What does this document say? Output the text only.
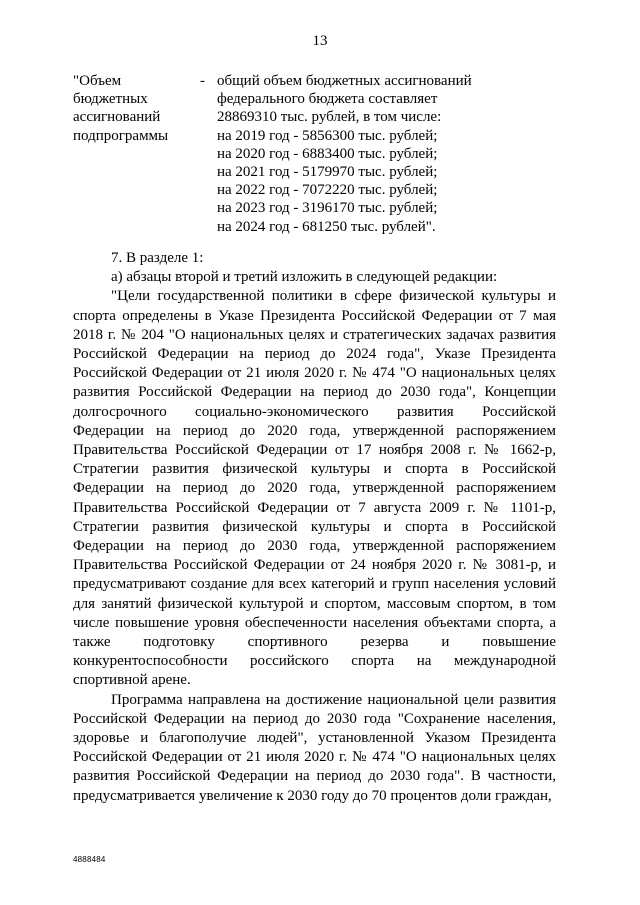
13
"Объем
бюджетных
ассигнований
подпрограммы
- общий объем бюджетных ассигнований
федерального бюджета составляет
28869310 тыс. рублей, в том числе:
на 2019 год - 5856300 тыс. рублей;
на 2020 год - 6883400 тыс. рублей;
на 2021 год - 5179970 тыс. рублей;
на 2022 год - 7072220 тыс. рублей;
на 2023 год - 3196170 тыс. рублей;
на 2024 год - 681250 тыс. рублей".

7. В разделе 1:

а) абзацы второй и третий изложить в следующей редакции:

"Цели государственной политики в сфере физической культуры и спорта определены в Указе Президента Российской Федерации от 7 мая 2018 г. № 204 "О национальных целях и стратегических задачах развития Российской Федерации на период до 2024 года", Указе Президента Российской Федерации от 21 июля 2020 г. № 474 "О национальных целях развития Российской Федерации на период до 2030 года", Концепции долгосрочного социально-экономического развития Российской Федерации на период до 2020 года, утвержденной распоряжением Правительства Российской Федерации от 17 ноября 2008 г. № 1662-р, Стратегии развития физической культуры и спорта в Российской Федерации на период до 2020 года, утвержденной распоряжением Правительства Российской Федерации от 7 августа 2009 г. № 1101-р, Стратегии развития физической культуры и спорта в Российской Федерации на период до 2030 года, утвержденной распоряжением Правительства Российской Федерации от 24 ноября 2020 г. № 3081-р, и предусматривают создание для всех категорий и групп населения условий для занятий физической культурой и спортом, массовым спортом, в том числе повышение уровня обеспеченности населения объектами спорта, а также подготовку спортивного резерва и повышение конкурентоспособности российского спорта на международной спортивной арене.

Программа направлена на достижение национальной цели развития Российской Федерации на период до 2030 года "Сохранение населения, здоровье и благополучие людей", установленной Указом Президента Российской Федерации от 21 июля 2020 г. № 474 "О национальных целях развития Российской Федерации на период до 2030 года". В частности, предусматривается увеличение к 2030 году до 70 процентов доли граждан,

4888484
